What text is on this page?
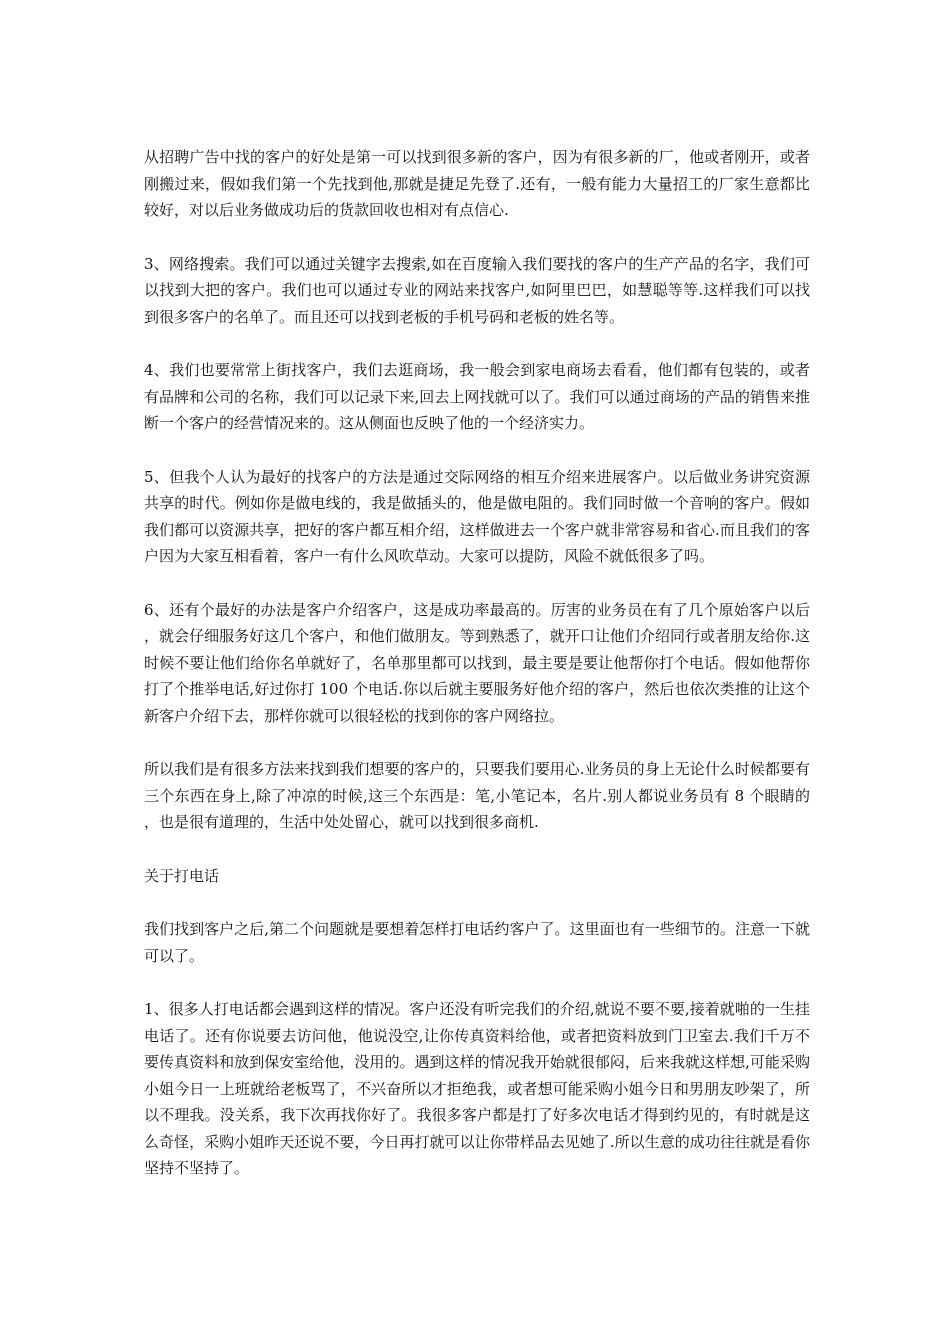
从招聘广告中找的客户的好处是第一可以找到很多新的客户，因为有很多新的厂，他或者刚开，或者刚搬过来，假如我们第一个先找到他,那就是捷足先登了.还有，一般有能力大量招工的厂家生意都比较好，对以后业务做成功后的货款回收也相对有点信心.

3、网络搜索。我们可以通过关键字去搜索,如在百度输入我们要找的客户的生产产品的名字，我们可以找到大把的客户。我们也可以通过专业的网站来找客户,如阿里巴巴，如慧聪等等.这样我们可以找到很多客户的名单了。而且还可以找到老板的手机号码和老板的姓名等。

4、我们也要常常上街找客户，我们去逛商场，我一般会到家电商场去看看，他们都有包装的，或者有品牌和公司的名称，我们可以记录下来,回去上网找就可以了。我们可以通过商场的产品的销售来推断一个客户的经营情况来的。这从侧面也反映了他的一个经济实力。

5、但我个人认为最好的找客户的方法是通过交际网络的相互介绍来进展客户。以后做业务讲究资源共享的时代。例如你是做电线的，我是做插头的，他是做电阻的。我们同时做一个音响的客户。假如我们都可以资源共享，把好的客户都互相介绍，这样做进去一个客户就非常容易和省心.而且我们的客户因为大家互相看着，客户一有什么风吹草动。大家可以提防，风险不就低很多了吗。

6、还有个最好的办法是客户介绍客户，这是成功率最高的。厉害的业务员在有了几个原始客户以后，就会仔细服务好这几个客户，和他们做朋友。等到熟悉了，就开口让他们介绍同行或者朋友给你.这时候不要让他们给你名单就好了，名单那里都可以找到，最主要是要让他帮你打个电话。假如他帮你打了个推举电话,好过你打 100 个电话.你以后就主要服务好他介绍的客户，然后也依次类推的让这个新客户介绍下去，那样你就可以很轻松的找到你的客户网络拉。

所以我们是有很多方法来找到我们想要的客户的，只要我们要用心.业务员的身上无论什么时候都要有三个东西在身上,除了冲凉的时候,这三个东西是：笔,小笔记本，名片.别人都说业务员有 8 个眼睛的，也是很有道理的，生活中处处留心，就可以找到很多商机.

关于打电话

我们找到客户之后,第二个问题就是要想着怎样打电话约客户了。这里面也有一些细节的。注意一下就可以了。

1、很多人打电话都会遇到这样的情况。客户还没有听完我们的介绍,就说不要不要,接着就啪的一生挂电话了。还有你说要去访问他，他说没空,让你传真资料给他，或者把资料放到门卫室去.我们千万不要传真资料和放到保安室给他，没用的。遇到这样的情况我开始就很郁闷，后来我就这样想,可能采购小姐今日一上班就给老板骂了，不兴奋所以才拒绝我，或者想可能采购小姐今日和男朋友吵架了，所以不理我。没关系，我下次再找你好了。我很多客户都是打了好多次电话才得到约见的，有时就是这么奇怪，采购小姐昨天还说不要，今日再打就可以让你带样品去见她了.所以生意的成功往往就是看你坚持不坚持了。
